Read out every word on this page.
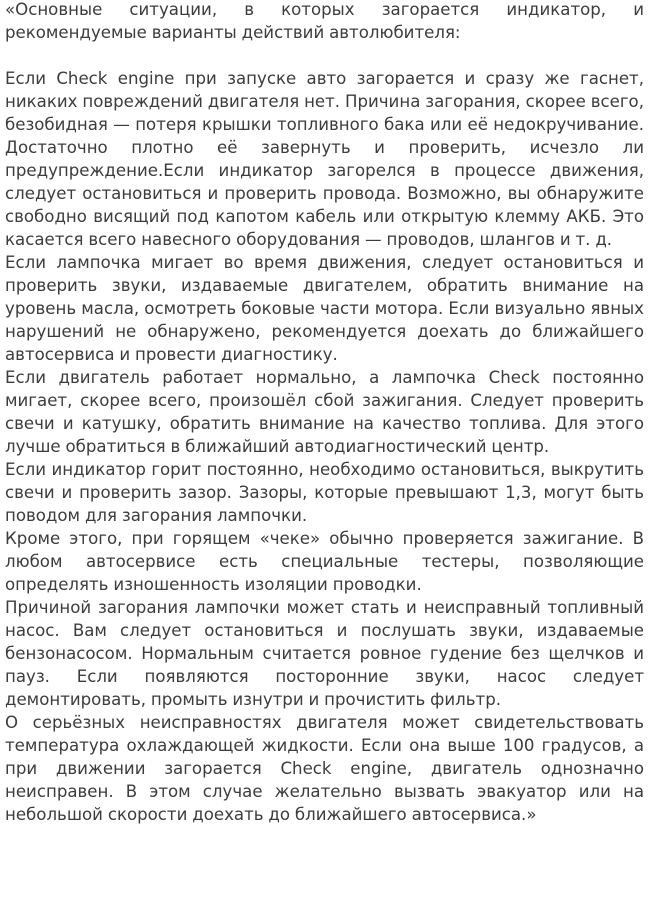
«Основные ситуации, в которых загорается индикатор, и рекомендуемые варианты действий автолюбителя:

Если Check engine при запуске авто загорается и сразу же гаснет, никаких повреждений двигателя нет. Причина загорания, скорее всего, безобидная — потеря крышки топливного бака или её недокручивание. Достаточно плотно её завернуть и проверить, исчезло ли предупреждение.Если индикатор загорелся в процессе движения, следует остановиться и проверить провода. Возможно, вы обнаружите свободно висящий под капотом кабель или открытую клемму АКБ. Это касается всего навесного оборудования — проводов, шлангов и т. д.

Если лампочка мигает во время движения, следует остановиться и проверить звуки, издаваемые двигателем, обратить внимание на уровень масла, осмотреть боковые части мотора. Если визуально явных нарушений не обнаружено, рекомендуется доехать до ближайшего автосервиса и провести диагностику.

Если двигатель работает нормально, а лампочка Check постоянно мигает, скорее всего, произошёл сбой зажигания. Следует проверить свечи и катушку, обратить внимание на качество топлива. Для этого лучше обратиться в ближайший автодиагностический центр.

Если индикатор горит постоянно, необходимо остановиться, выкрутить свечи и проверить зазор. Зазоры, которые превышают 1,3, могут быть поводом для загорания лампочки.

Кроме этого, при горящем «чеке» обычно проверяется зажигание. В любом автосервисе есть специальные тестеры, позволяющие определять изношенность изоляции проводки.

Причиной загорания лампочки может стать и неисправный топливный насос. Вам следует остановиться и послушать звуки, издаваемые бензонасосом. Нормальным считается ровное гудение без щелчков и пауз. Если появляются посторонние звуки, насос следует демонтировать, промыть изнутри и прочистить фильтр.

О серьёзных неисправностях двигателя может свидетельствовать температура охлаждающей жидкости. Если она выше 100 градусов, а при движении загорается Check engine, двигатель однозначно неисправен. В этом случае желательно вызвать эвакуатор или на небольшой скорости доехать до ближайшего автосервиса.»
